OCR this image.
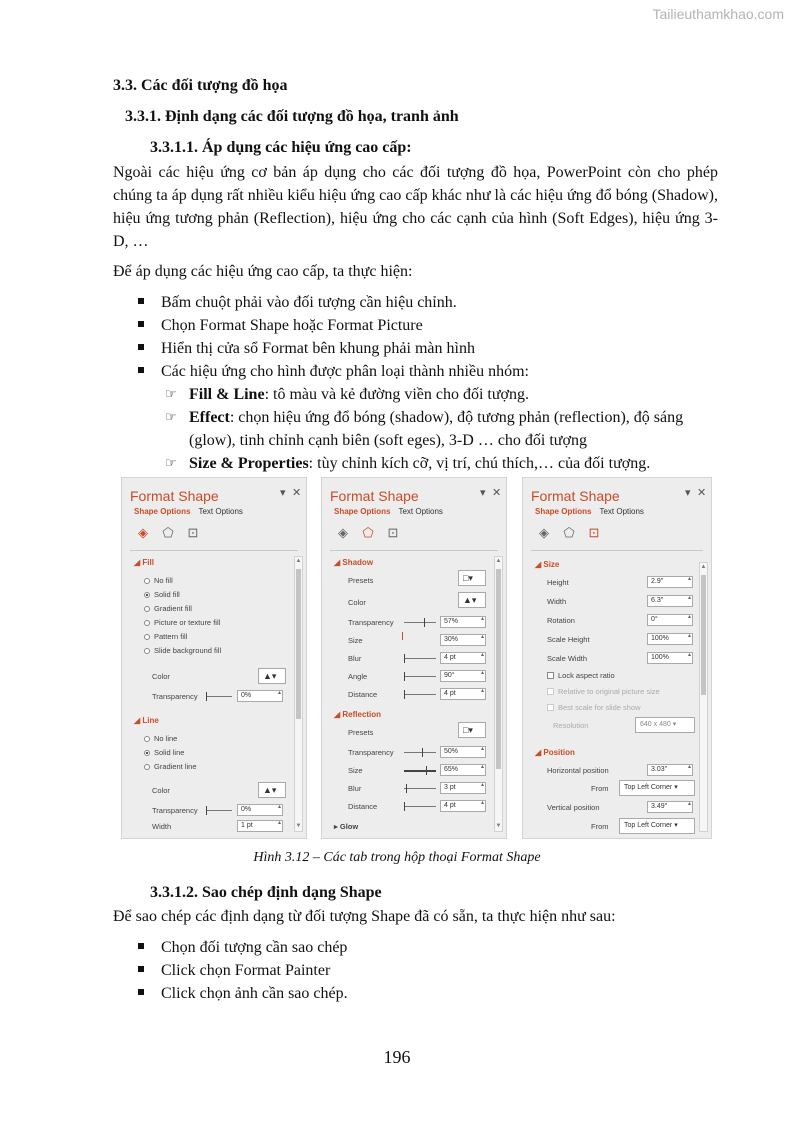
Tailieuthamkhao.com
3.3. Các đối tượng đồ họa
3.3.1. Định dạng các đối tượng đồ họa, tranh ảnh
3.3.1.1. Áp dụng các hiệu ứng cao cấp:
Ngoài các hiệu ứng cơ bản áp dụng cho các đối tượng đồ họa, PowerPoint còn cho phép chúng ta áp dụng rất nhiều kiểu hiệu ứng cao cấp khác như là các hiệu ứng đổ bóng (Shadow), hiệu ứng tương phản (Reflection), hiệu ứng cho các cạnh của hình (Soft Edges), hiệu ứng 3-D, …
Để áp dụng các hiệu ứng cao cấp, ta thực hiện:
Bấm chuột phải vào đối tượng cần hiệu chỉnh.
Chọn Format Shape hoặc Format Picture
Hiển thị cửa sổ Format bên khung phải màn hình
Các hiệu ứng cho hình được phân loại thành nhiều nhóm:
☞ Fill & Line: tô màu và kẻ đường viền cho đối tượng.
☞ Effect: chọn hiệu ứng đổ bóng (shadow), độ tương phản (reflection), độ sáng (glow), tinh chỉnh cạnh biên (soft eges), 3-D … cho đối tượng
☞ Size & Properties: tùy chỉnh kích cỡ, vị trí, chú thích,… của đối tượng.
Format Shape	▾ ✕
Shape Options Text Options
◈	⬠ ⊡
◢ Fill
No fill
Solid fill
Gradient fill
Picture or texture fill
Pattern fill
Slide background fill
Color	▲▾
Transparency	0% ▴
◢ Line
No line
Solid line
Gradient line
Color	▲▾
Transparency	0% ▴
Width	1 pt ▴
▲
▼
Format Shape	▾ ✕
Shape Options Text Options
◈	⬠ ⊡
◢ Shadow
Presets	□▾
Color	▲▾
Transparency	57% ▴
Size	30% ▴
Blur	4 pt ▴
Angle	90° ▴
Distance	4 pt ▴
◢ Reflection
Presets	□▾
Transparency	50% ▴
Size	65% ▴
Blur	3 pt ▴
Distance	4 pt ▴
▸ Glow
▲
▼
Format Shape	▾ ✕
Shape Options Text Options
◈	⬠ ⊡
◢ Size
Height	2.9" ▴
Width	6.3" ▴
Rotation	0° ▴
Scale Height	100% ▴
Scale Width	100% ▴
Lock aspect ratio
Relative to original picture size
Best scale for slide show
Resolution	640 x 480 ▾
◢ Position
Horizontal position	3.03" ▴
From	Top Left Corner ▾
Vertical position	3.49" ▴
From	Top Left Corner ▾
▲
Hình 3.12 – Các tab trong hộp thoại Format Shape
3.3.1.2. Sao chép định dạng Shape
Để sao chép các định dạng từ đối tượng Shape đã có sẵn, ta thực hiện như sau:
Chọn đối tượng cần sao chép
Click chọn Format Painter
Click chọn ảnh cần sao chép.
196
